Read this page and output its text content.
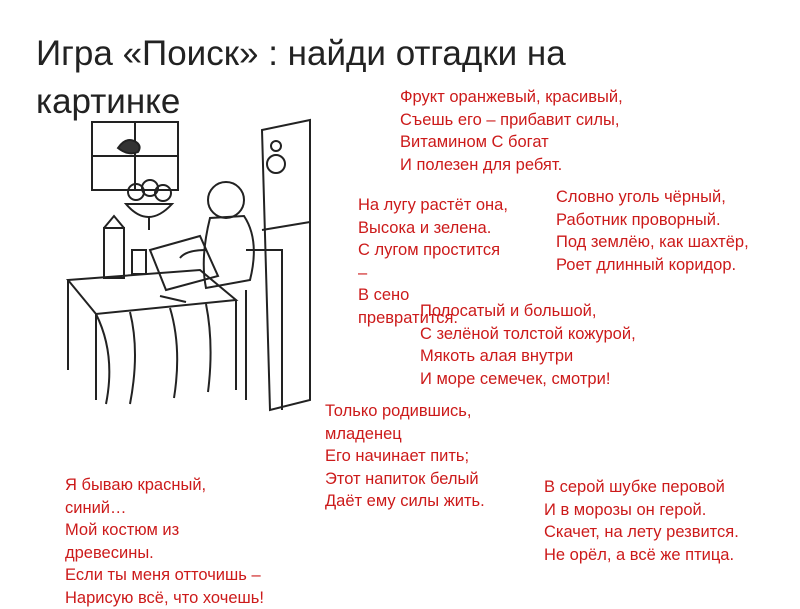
Игра «Поиск» : найди отгадки на картинке	Фрукт оранжевый, красивый,
Съешь его – прибавит силы,
Витамином С богат
И полезен для ребят.
На лугу растёт она,
Высока и зелена.
С лугом простится
–
В сено
превратится.
Словно уголь чёрный,
Работник проворный.
Под землёю, как шахтёр,
Роет длинный коридор.
Полосатый и большой,
С зелёной толстой кожурой,
Мякоть алая внутри
И море семечек, смотри!
Только родившись,
младенец
Его начинает пить;
Этот напиток белый
Даёт ему силы жить.
Я бываю красный,
синий…
Мой костюм из
древесины.
Если ты меня отточишь –
Нарисую всё, что хочешь!
В серой шубке перовой
И в морозы он герой.
Скачет, на лету резвится.
Не орёл, а всё же птица.
